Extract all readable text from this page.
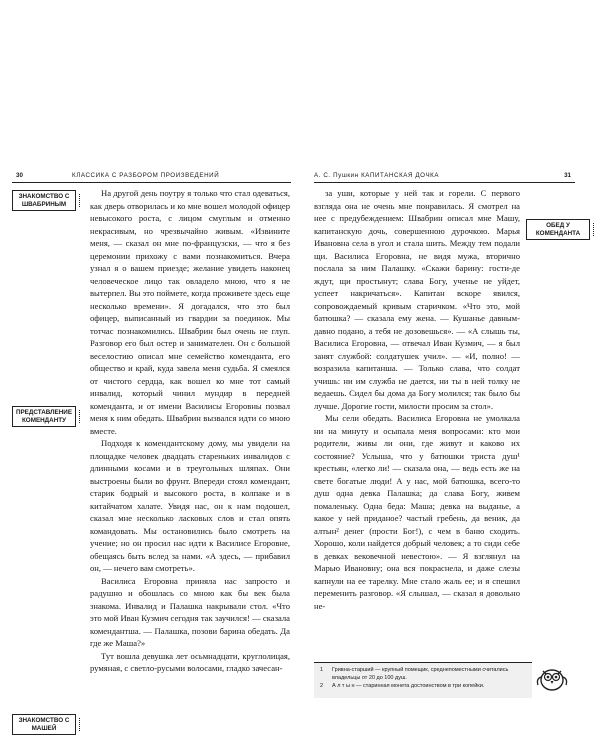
30	КЛАССИКА С РАЗБОРОМ ПРОИЗВЕДЕНИЙ
ЗНАКОМСТВО С ШВАБРИНЫМ
ПРЕДСТАВЛЕНИЕ КОМЕНДАНТУ
ЗНАКОМСТВО С МАШЕЙ

На другой день поутру я только что стал одеваться, как дверь отворилась и ко мне вошел молодой офицер невысокого роста, с лицом смуглым и отменно некрасивым, но чрезвычайно живым. «Извините меня, — сказал он мне по-французски, — что я без церемонии прихожу с вами познакомиться. Вчера узнал я о вашем приезде; желание увидеть наконец человеческое лицо так овладело мною, что я не вытерпел. Вы это поймете, когда проживете здесь еще несколько времени». Я догадался, что это был офицер, выписанный из гвардии за поединок. Мы тотчас познакомились. Швабрин был очень не глуп. Разговор его был остер и занимателен. Он с большой веселостию описал мне семейство коменданта, его общество и край, куда завела меня судьба. Я смеялся от чистого сердца, как вошел ко мне тот самый инвалид, который чинил мундир в передней коменданта, и от имени Василисы Егоровны позвал меня к ним обедать. Швабрин вызвался идти со мною вместе.

Подходя к комендантскому дому, мы увидели на площадке человек двадцать стареньких инвалидов с длинными косами и в треугольных шляпах. Они выстроены были во фрунт. Впереди стоял комендант, старик бодрый и высокого роста, в колпаке и в китайчатом халате. Увидя нас, он к нам подошел, сказал мне несколько ласковых слов и стал опять командовать. Мы остановились было смотреть на учение; но он просил нас идти к Василисе Егоровне, обещаясь быть вслед за нами. «А здесь, — прибавил он, — нечего вам смотреть».

Василиса Егоровна приняла нас запросто и радушно и обошлась со мною как бы век была знакома. Инвалид и Палашка накрывали стол. «Что это мой Иван Кузмич сегодня так заучился! — сказала комендантша. — Палашка, позови барина обедать. Да где же Маша?»

Тут вошла девушка лет осьмнадцати, круглолицая, румяная, с светло-русыми волосами, гладко зачесан-

А. С. Пушкин КАПИТАНСКАЯ ДОЧКА	31
ОБЕД У КОМЕНДАНТА

за уши, которые у ней так и горели. С первого взгляда она не очень мне понравилась. Я смотрел на нее с предубеждением: Швабрин описал мне Машу, капитанскую дочь, совершенною дурочкою. Марья Ивановна села в угол и стала шить. Между тем подали щи. Василиса Егоровна, не видя мужа, вторично послала за ним Палашку. «Скажи барину: гости-де ждут, щи простынут; слава Богу, ученье не уйдет, успеет накричаться». Капитан вскоре явился, сопровождаемый кривым старичком. «Что это, мой батюшка? — сказала ему жена. — Кушанье давным-давно подано, а тебя не дозовешься». — «А слышь ты, Василиса Егоровна, — отвечал Иван Кузмич, — я был занят службой: солдатушек учил». — «И, полно! — возразила капитанша. — Только слава, что солдат учишь: ни им служба не дается, ни ты в ней толку не ведаешь. Сидел бы дома да Богу молился; так было бы лучше. Дорогие гости, милости просим за стол».

Мы сели обедать. Василиса Егоровна не умолкала ни на минуту и осыпала меня вопросами: кто мои родители, живы ли они, где живут и каково их состояние? Услыша, что у батюшки триста душ¹ крестьян, «легко ли! — сказала она, — ведь есть же на свете богатые люди! А у нас, мой батюшка, всего-то душ одна девка Палашка; да слава Богу, живем помаленьку. Одна беда: Маша; девка на выданье, а какое у ней приданое? частый гребень, да веник, да алтын² денег (прости Бог!), с чем в баню сходить. Хорошо, коли найдется добрый человек; а то сиди себе в девках вековечной невестою». — Я взглянул на Марью Ивановну; она вся покраснела, и даже слезы капнули на ее тарелку. Мне стало жаль ее; и я спешил переменить разговор. «Я слышал, — сказал я довольно не-

1 Гривна-старший — крупный помещик, среднепоместными считались владельцы от 20 до 100 душ.
2 А л т ы н — старинная монета достоинством в три копейки.
